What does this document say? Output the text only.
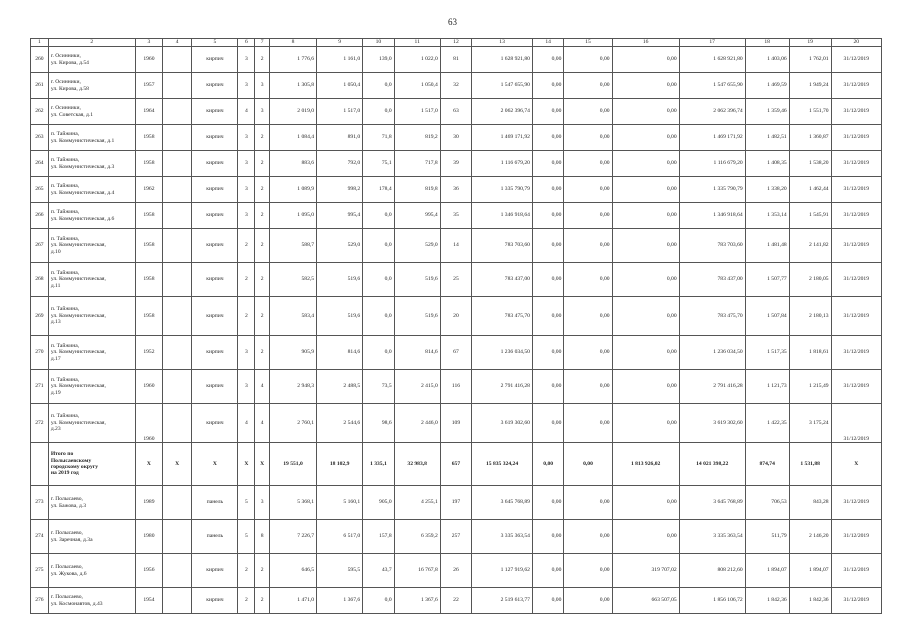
63
1	2	3	4	5	6	7	8	9	10	11	12	13	14	15	16	17	18	19	20
260	г. Осинники,
ул. Кирова, д.54	1960		кирпич	3	2	1 776,6	1 161,0	139,0	1 022,0	81	1 628 921,80	0,00	0,00	0,00	1 628 921,80	1 403,06	1 762,01	31/12/2019
261	г. Осинники,
ул. Кирова, д.58	1957		кирпич	3	3	1 305,8	1 050,4	0,0	1 050,4	32	1 547 655,90	0,00	0,00	0,00	1 547 655,90	1 469,59	1 949,24	31/12/2019
262	г. Осинники,
ул. Советская, д.1	1964		кирпич	4	3	2 019,0	1 517,0	0,0	1 517,0	63	2 062 396,74	0,00	0,00	0,00	2 062 396,74	1 359,46	1 551,70	31/12/2019
263	п. Тайжина,
ул. Коммунистическая, д.1	1958		кирпич	3	2	1 084,4	891,0	71,8	819,2	30	1 469 171,92	0,00	0,00	0,00	1 469 171,92	1 482,51	1 360,87	31/12/2019
264	п. Тайжина,
ул. Коммунистическая, д.3	1958		кирпич	3	2	883,6	792,0	75,1	717,8	39	1 116 679,20	0,00	0,00	0,00	1 116 679,20	1 408,35	1 538,20	31/12/2019
265	п. Тайжина,
ул. Коммунистическая, д.4	1962		кирпич	3	2	1 089,9	998,2	178,4	819,8	36	1 335 790,79	0,00	0,00	0,00	1 335 790,79	1 338,20	1 462,44	31/12/2019
266	п. Тайжина,
ул. Коммунистическая, д.6	1958		кирпич	3	2	1 095,0	995,4	0,0	995,4	35	1 346 918,64	0,00	0,00	0,00	1 346 918,64	1 353,14	1 545,91	31/12/2019
267	п. Тайжина,
ул. Коммунистическая,
д.10	1958		кирпич	2	2	588,7	529,0	0,0	529,0	14	783 703,60	0,00	0,00	0,00	783 703,60	1 481,48	2 141,82	31/12/2019
268	п. Тайжина,
ул. Коммунистическая,
д.11	1958		кирпич	2	2	582,5	519,6	0,0	519,6	25	783 437,00	0,00	0,00	0,00	783 437,00	1 507,77	2 180,05	31/12/2019
269	п. Тайжина,
ул. Коммунистическая,
д.13	1958		кирпич	2	2	583,4	519,6	0,0	519,6	20	783 475,70	0,00	0,00	0,00	783 475,70	1 507,84	2 180,13	31/12/2019
270	п. Тайжина,
ул. Коммунистическая,
д.17	1952		кирпич	3	2	905,9	814,6	0,0	814,6	67	1 236 034,50	0,00	0,00	0,00	1 236 034,50	1 517,35	1 818,61	31/12/2019
271	п. Тайжина,
ул. Коммунистическая,
д.19	1960		кирпич	3	4	2 948,3	2 488,5	73,5	2 415,0	116	2 791 416,28	0,00	0,00	0,00	2 791 416,28	1 121,73	1 215,49	31/12/2019
272	п. Тайжина,
ул. Коммунистическая,
д.23	1960		кирпич	4	4	2 760,1	2 544,6	98,6	2 446,0	109	3 619 302,60	0,00	0,00	0,00	3 619 302,60	1 422,35	3 175,24	31/12/2019
	Итого по
Полысаевскому
городскому округу
на 2019 год	X	X	X	X	X	19 551,0	18 102,9	1 335,1	32 983,8	657	15 835 324,24	0,00	0,00	1 813 926,02	14 021 398,22	874,74	1 531,88	X
273	г. Полысаево,
ул. Бажова, д.3	1989		панель	5	3	5 368,1	5 160,1	905,0	4 255,1	197	3 645 768,89	0,00	0,00	0,00	3 645 768,89	706,53	843,28	31/12/2019
274	г. Полысаево,
ул. Заречная, д.3а	1980		панель	5	8	7 226,7	6 517,0	157,8	6 359,2	257	3 335 363,54	0,00	0,00	0,00	3 335 363,54	511,79	2 146,20	31/12/2019
275	г. Полысаево,
ул. Жукова, д.6	1956		кирпич	2	2	646,5	595,5	43,7	16 767,8	26	1 127 919,62	0,00	0,00	319 707,02	808 212,60	1 894,07	1 894,07	31/12/2019
276	г. Полысаево,
ул. Космонавтов, д.43	1954		кирпич	2	2	1 471,0	1 367,6	0,0	1 367,6	22	2 519 613,77	0,00	0,00	663 507,05	1 856 106,72	1 842,36	1 842,36	31/12/2019
